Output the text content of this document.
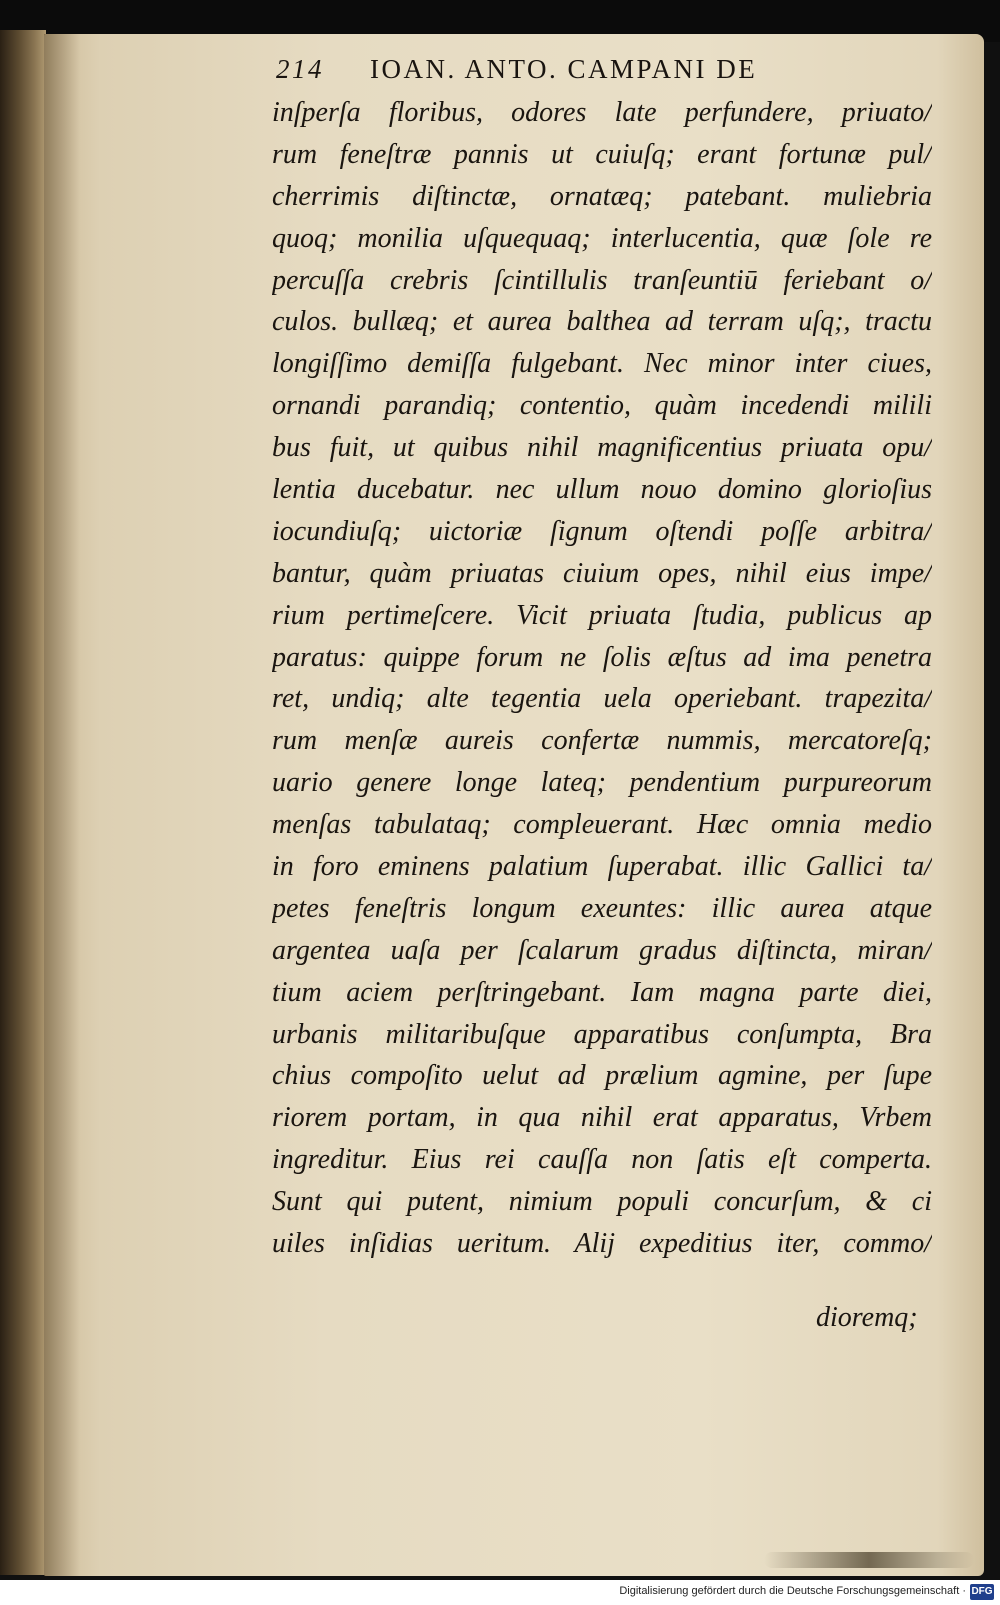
214 IOAN. ANTO. CAMPANI DE
inſperſa floribus, odores late perfundere, priuato/
rum feneſtræ pannis ut cuiuſq; erant fortunæ pul/
cherrimis diſtinctæ, ornatæq; patebant. muliebria
quoq; monilia uſquequaq; interlucentia, quæ ſole re
percuſſa crebris ſcintillulis tranſeuntiū feriebant o/
culos. bullæq; et aurea balthea ad terram uſq;, tractu
longiſſimo demiſſa fulgebant. Nec minor inter ciues,
ornandi parandiq; contentio, quàm incedendi milili
bus fuit, ut quibus nihil magnificentius priuata opu/
lentia ducebatur. nec ullum nouo domino glorioſius
iocundiuſq; uictoriæ ſignum oſtendi poſſe arbitra/
bantur, quàm priuatas ciuium opes, nihil eius impe/
rium pertimeſcere. Vicit priuata ſtudia, publicus ap
paratus: quippe forum ne ſolis æſtus ad ima penetra
ret, undiq; alte tegentia uela operiebant. trapezita/
rum menſæ aureis confertæ nummis, mercatoreſq;
uario genere longe lateq; pendentium purpureorum
menſas tabulataq; compleuerant. Hæc omnia medio
in foro eminens palatium ſuperabat. illic Gallici ta/
petes feneſtris longum exeuntes: illic aurea atque
argentea uaſa per ſcalarum gradus diſtincta, miran/
tium aciem perſtringebant. Iam magna parte diei,
urbanis militaribuſque apparatibus conſumpta, Bra
chius compoſito uelut ad prælium agmine, per ſupe
riorem portam, in qua nihil erat apparatus, Vrbem
ingreditur. Eius rei cauſſa non ſatis eſt comperta.
Sunt qui putent, nimium populi concurſum, & ci
uiles inſidias ueritum. Alij expeditius iter, commo/
dioremq;
Digitalisierung gefördert durch die Deutsche Forschungsgemeinschaft · DFG
